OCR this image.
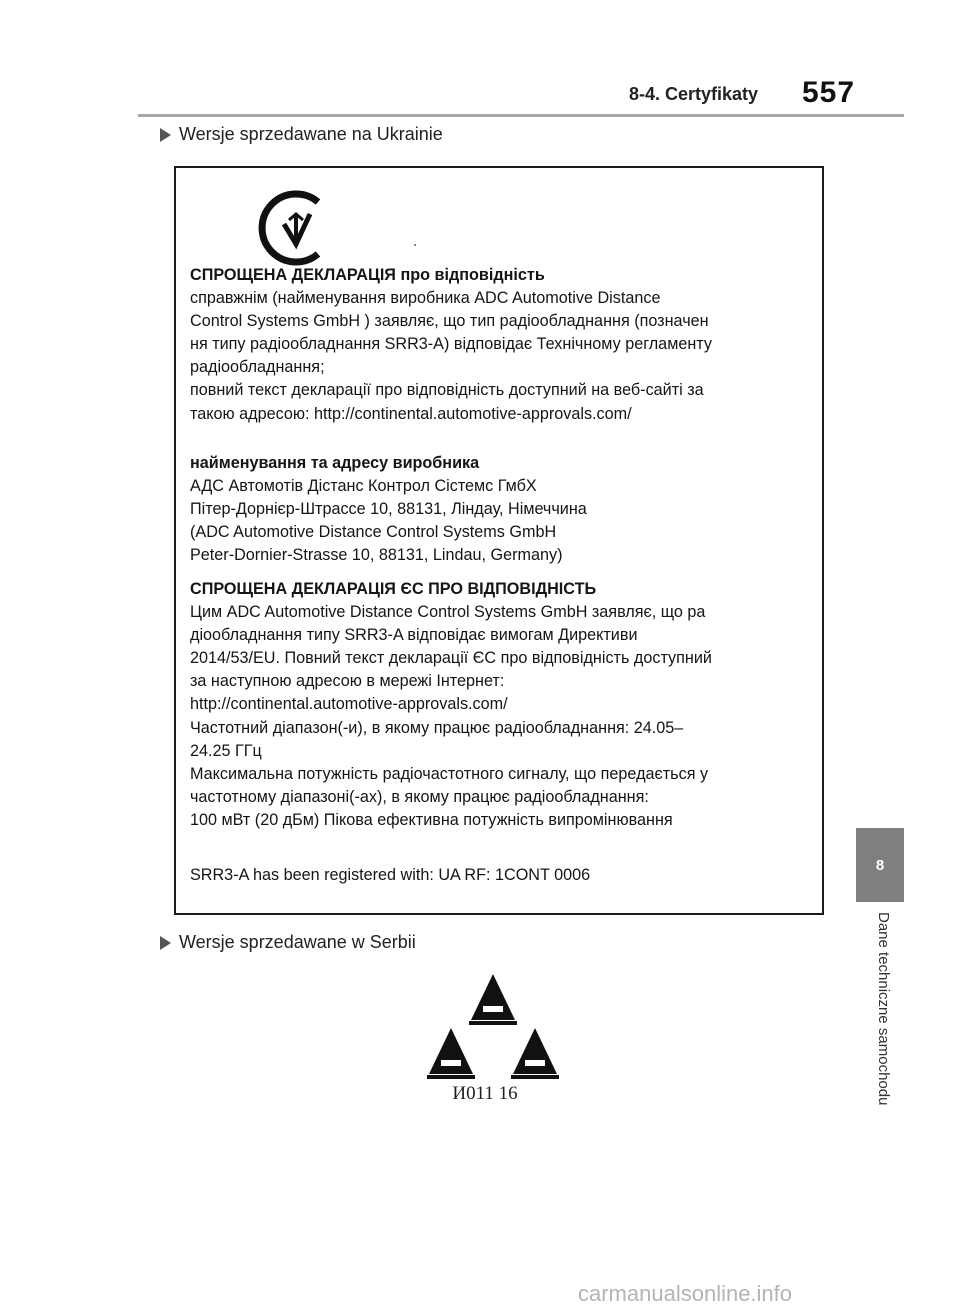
8-4. Certyfikaty 557
Wersje sprzedawane na Ukrainie

СПРОЩЕНА ДЕКЛАРАЦІЯ про відповідність

справжнім (найменування виробника ADC Automotive Distance

Control Systems GmbH ) заявляє, що тип радіообладнання (позначен

ня типу радіообладнання SRR3-A) відповідає Технічному регламенту

радіообладнання;

повний текст декларації про відповідність доступний на веб-сайті за

такою адресою: http://continental.automotive-approvals.com/

найменування та адресу виробника

АДС Автомотів Дістанс Контрол Сістемс ГмбХ

Пітер-Дорнієр-Штрассе 10, 88131, Ліндау, Німеччина

(ADC Automotive Distance Control Systems GmbH

Peter-Dornier-Strasse 10, 88131, Lindau, Germany)

СПРОЩЕНА ДЕКЛАРАЦІЯ ЄС ПРО ВІДПОВІДНІСТЬ

Цим ADC Automotive Distance Control Systems GmbH заявляє, що ра

діообладнання типу SRR3-A відповідає вимогам Директиви

2014/53/EU. Повний текст декларації ЄС про відповідність доступний

за наступною адресою в мережі Інтернет:

http://continental.automotive-approvals.com/

Частотний діапазон(-и), в якому працює радіообладнання: 24.05–

24.25 ГГц

Максимальна потужність радіочастотного сигналу, що передається у

частотному діапазоні(-ах), в якому працює радіообладнання:

100 мВт (20 дБм) Пікова ефективна потужність випромінювання

SRR3-A has been registered with: UA RF: 1CONT 0006

Wersje sprzedawane w Serbii
И011 16
8
Dane techniczne samochodu
carmanualsonline.info
